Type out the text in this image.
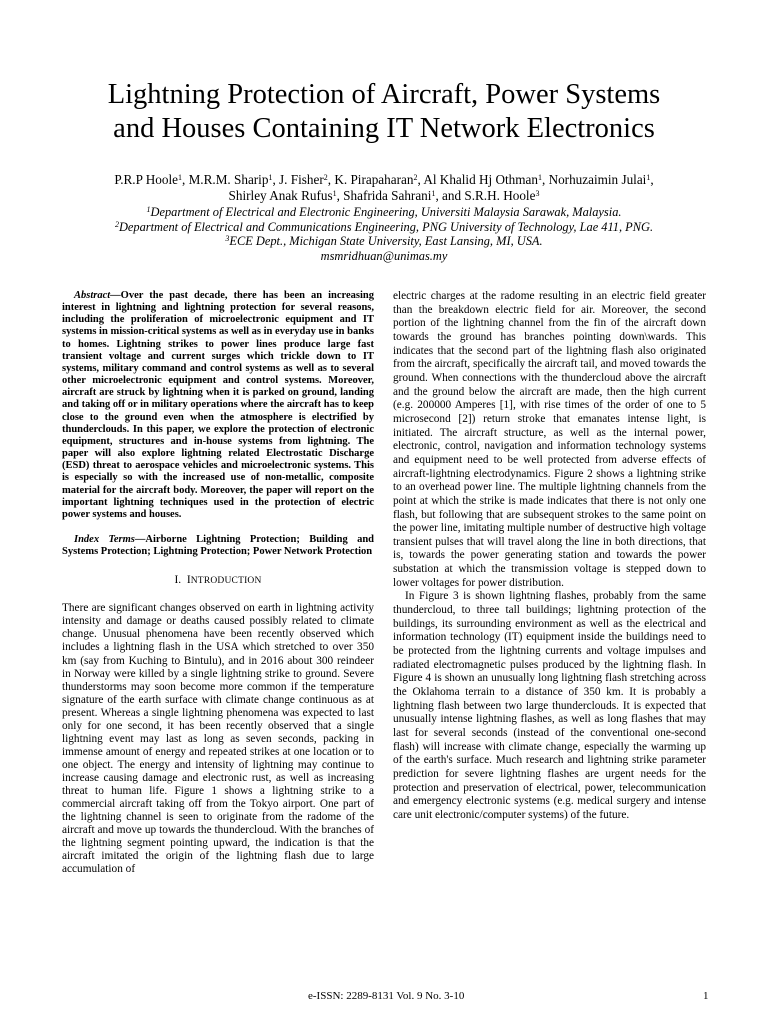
Lightning Protection of Aircraft, Power Systems
and Houses Containing IT Network Electronics
P.R.P Hoole$^1$, M.R.M. Sharip$^1$, J. Fisher$^2$, K. Pirapaharan$^2$, Al Khalid Hj Othman$^1$, Norhuzaimin Julai$^1$,
Shirley Anak Rufus$^1$, Shafrida Sahrani$^1$, and S.R.H. Hoole$^3$
$^1$Department of Electrical and Electronic Engineering, Universiti Malaysia Sarawak, Malaysia.
$^2$Department of Electrical and Communications Engineering, PNG University of Technology, Lae 411, PNG.
$^3$ECE Dept., Michigan State University, East Lansing, MI, USA.
msmridhuan@unimas.my

Abstract—Over the past decade, there has been an increasing interest in lightning and lightning protection for several reasons, including the proliferation of microelectronic equipment and IT systems in mission-critical systems as well as in everyday use in banks to homes. Lightning strikes to power lines produce large fast transient voltage and current surges which trickle down to IT systems, military command and control systems as well as to several other microelectronic equipment and control systems. Moreover, aircraft are struck by lightning when it is parked on ground, landing and taking off or in military operations where the aircraft has to keep close to the ground even when the atmosphere is electrified by thunderclouds. In this paper, we explore the protection of electronic equipment, structures and in-house systems from lightning. The paper will also explore lightning related Electrostatic Discharge (ESD) threat to aerospace vehicles and microelectronic systems. This is especially so with the increased use of non-metallic, composite material for the aircraft body. Moreover, the paper will report on the important lightning techniques used in the protection of electric power systems and houses.

Index Terms—Airborne Lightning Protection; Building and Systems Protection; Lightning Protection; Power Network Protection

I. INTRODUCTION

There are significant changes observed on earth in lightning activity intensity and damage or deaths caused possibly related to climate change. Unusual phenomena have been recently observed which includes a lightning flash in the USA which stretched to over 350 km (say from Kuching to Bintulu), and in 2016 about 300 reindeer in Norway were killed by a single lightning strike to ground. Severe thunderstorms may soon become more common if the temperature signature of the earth surface with climate change continuous as at present. Whereas a single lightning phenomena was expected to last only for one second, it has been recently observed that a single lightning event may last as long as seven seconds, packing in immense amount of energy and repeated strikes at one location or to one object. The energy and intensity of lightning may continue to increase causing damage and electronic rust, as well as increasing threat to human life. Figure 1 shows a lightning strike to a commercial aircraft taking off from the Tokyo airport. One part of the lightning channel is seen to originate from the radome of the aircraft and move up towards the thundercloud. With the branches of the lightning segment pointing upward, the indication is that the aircraft imitated the origin of the lightning flash due to large accumulation of

electric charges at the radome resulting in an electric field greater than the breakdown electric field for air. Moreover, the second portion of the lightning channel from the fin of the aircraft down towards the ground has branches pointing down\wards. This indicates that the second part of the lightning flash also originated from the aircraft, specifically the aircraft tail, and moved towards the ground. When connections with the thundercloud above the aircraft and the ground below the aircraft are made, then the high current (e.g. 200000 Amperes [1], with rise times of the order of one to 5 microsecond [2]) return stroke that emanates intense light, is initiated. The aircraft structure, as well as the internal power, electronic, control, navigation and information technology systems and equipment need to be well protected from adverse effects of aircraft-lightning electrodynamics. Figure 2 shows a lightning strike to an overhead power line. The multiple lightning channels from the point at which the strike is made indicates that there is not only one flash, but following that are subsequent strokes to the same point on the power line, imitating multiple number of destructive high voltage transient pulses that will travel along the line in both directions, that is, towards the power generating station and towards the power substation at which the transmission voltage is stepped down to lower voltages for power distribution.

In Figure 3 is shown lightning flashes, probably from the same thundercloud, to three tall buildings; lightning protection of the buildings, its surrounding environment as well as the electrical and information technology (IT) equipment inside the buildings need to be protected from the lightning currents and voltage impulses and radiated electromagnetic pulses produced by the lightning flash. In Figure 4 is shown an unusually long lightning flash stretching across the Oklahoma terrain to a distance of 350 km. It is probably a lightning flash between two large thunderclouds. It is expected that unusually intense lightning flashes, as well as long flashes that may last for several seconds (instead of the conventional one-second flash) will increase with climate change, especially the warming up of the earth's surface. Much research and lightning strike parameter prediction for severe lightning flashes are urgent needs for the protection and preservation of electrical, power, telecommunication and emergency electronic systems (e.g. medical surgery and intense care unit electronic/computer systems) of the future.

e-ISSN: 2289-8131 Vol. 9 No. 3-10	1
